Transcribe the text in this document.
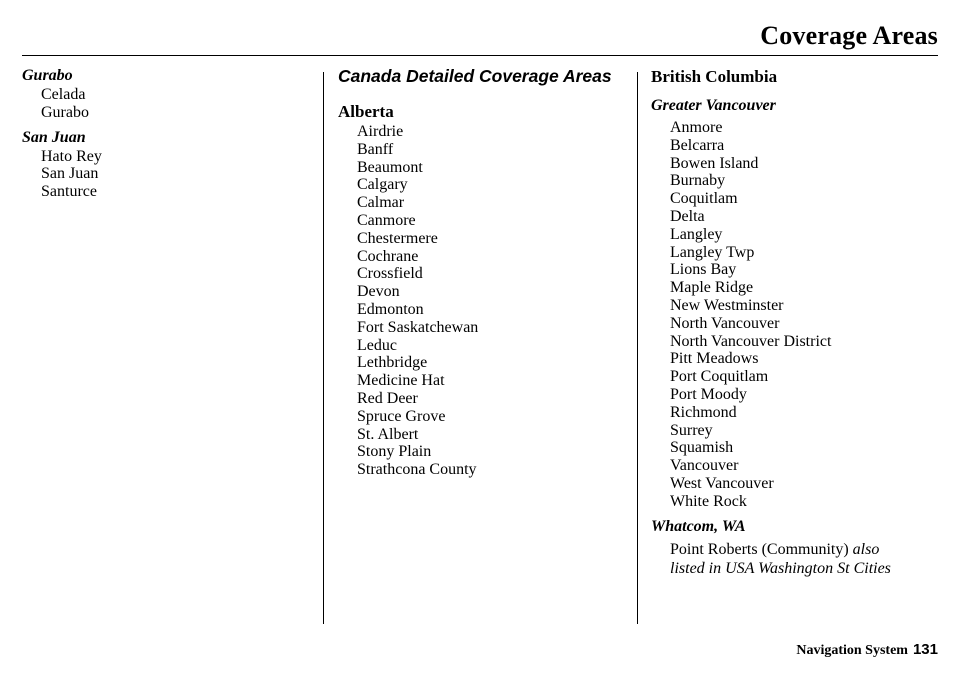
Coverage Areas
Gurabo
Celada
Gurabo
San Juan
Hato Rey
San Juan
Santurce
Canada Detailed Coverage Areas
Alberta
Airdrie
Banff
Beaumont
Calgary
Calmar
Canmore
Chestermere
Cochrane
Crossfield
Devon
Edmonton
Fort Saskatchewan
Leduc
Lethbridge
Medicine Hat
Red Deer
Spruce Grove
St. Albert
Stony Plain
Strathcona County
British Columbia
Greater Vancouver
Anmore
Belcarra
Bowen Island
Burnaby
Coquitlam
Delta
Langley
Langley Twp
Lions Bay
Maple Ridge
New Westminster
North Vancouver
North Vancouver District
Pitt Meadows
Port Coquitlam
Port Moody
Richmond
Surrey
Squamish
Vancouver
West Vancouver
White Rock
Whatcom, WA
Point Roberts (Community) also
listed in USA Washington St Cities
Navigation System 131
